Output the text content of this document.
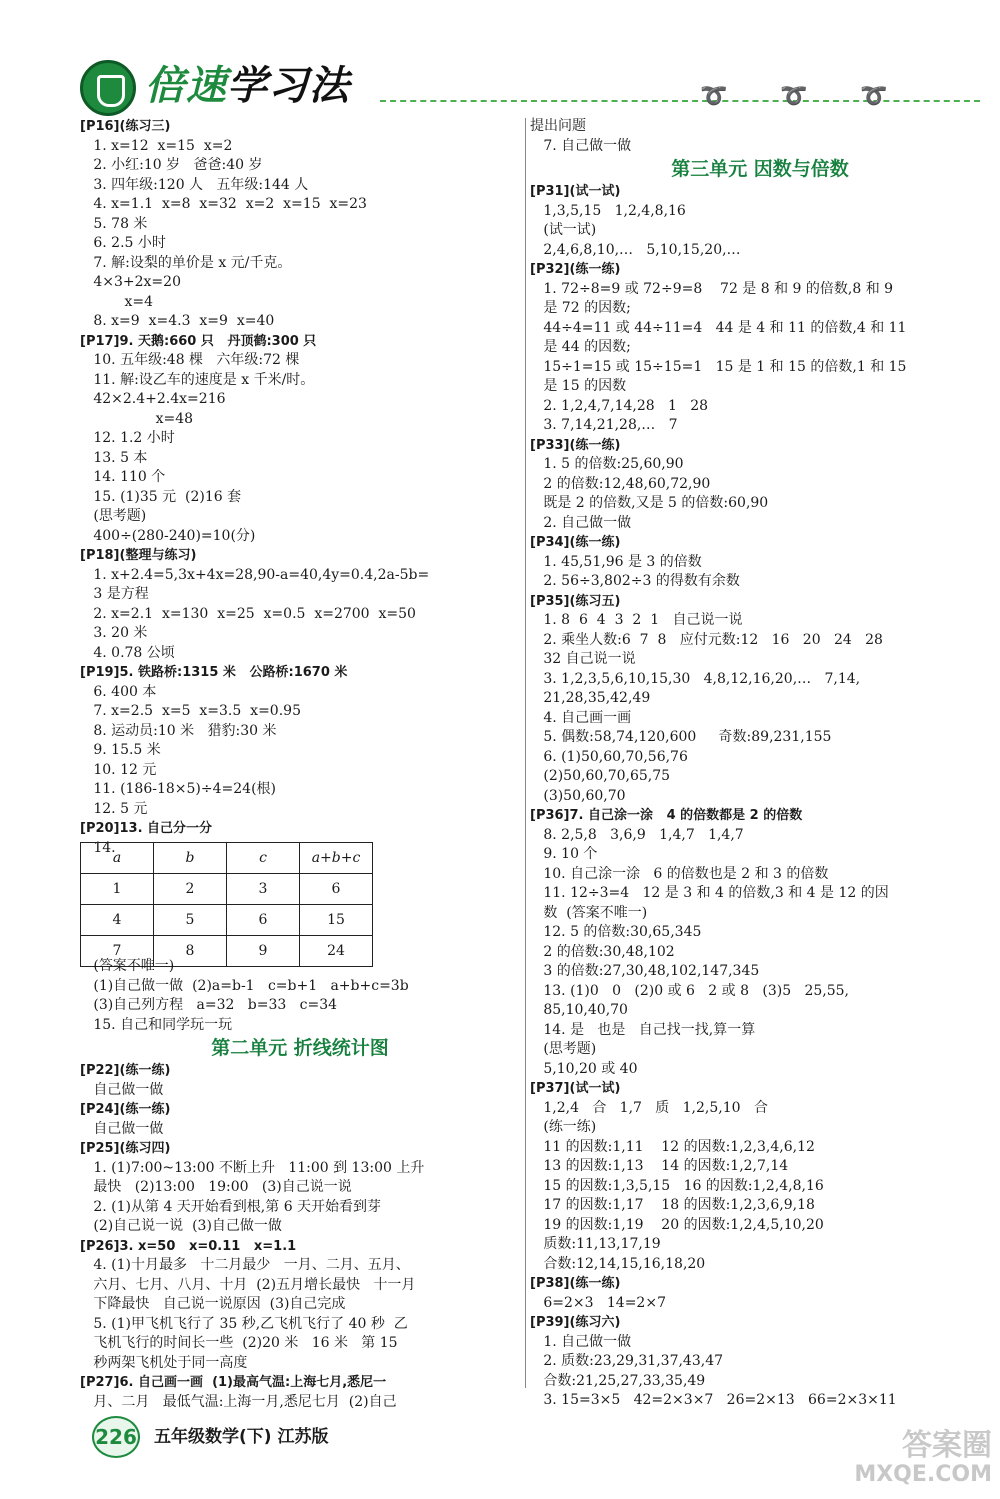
倍速学习法	➰ ➰ ➰
[P16](练习三)
1. x=12  x=15  x=2
2. 小红:10 岁   爸爸:40 岁
3. 四年级:120 人   五年级:144 人
4. x=1.1  x=8  x=32  x=2  x=15  x=23
5. 78 米
6. 2.5 小时
7. 解:设梨的单价是 x 元/千克。
4×3+2x=20
x=4
8. x=9  x=4.3  x=9  x=40
[P17]9. 天鹅:660 只   丹顶鹤:300 只
10. 五年级:48 棵   六年级:72 棵
11. 解:设乙车的速度是 x 千米/时。
42×2.4+2.4x=216
x=48
12. 1.2 小时
13. 5 本
14. 110 个
15. (1)35 元  (2)16 套
(思考题)
400÷(280-240)=10(分)
[P18](整理与练习)
1. x+2.4=5,3x+4x=28,90-a=40,4y=0.4,2a-5b=
3 是方程
2. x=2.1  x=130  x=25  x=0.5  x=2700  x=50
3. 20 米
4. 0.78 公顷
[P19]5. 铁路桥:1315 米   公路桥:1670 米
6. 400 本
7. x=2.5  x=5  x=3.5  x=0.95
8. 运动员:10 米   猎豹:30 米
9. 15.5 米
10. 12 元
11. (186-18×5)÷4=24(根)
12. 5 元
[P20]13. 自己分一分
14.
a	b	c	a+b+c
1	2	3	6
4	5	6	15
7	8	9	24
(答案不唯一)
(1)自己做一做  (2)a=b-1   c=b+1   a+b+c=3b
(3)自己列方程   a=32   b=33   c=34
15. 自己和同学玩一玩
第二单元 折线统计图
[P22](练一练)
自己做一做
[P24](练一练)
自己做一做
[P25](练习四)
1. (1)7:00~13:00 不断上升   11:00 到 13:00 上升
最快   (2)13:00   19:00   (3)自己说一说
2. (1)从第 4 天开始看到根,第 6 天开始看到芽
(2)自己说一说  (3)自己做一做
[P26]3. x=50   x=0.11   x=1.1
4. (1)十月最多   十二月最少   一月、二月、五月、
六月、七月、八月、十月  (2)五月增长最快   十一月
下降最快   自己说一说原因  (3)自己完成
5. (1)甲飞机飞行了 35 秒,乙飞机飞行了 40 秒  乙
飞机飞行的时间长一些  (2)20 米   16 米   第 15
秒两架飞机处于同一高度
[P27]6. 自己画一画  (1)最高气温:上海七月,悉尼一
月、二月   最低气温:上海一月,悉尼七月  (2)自己
提出问题
7. 自己做一做
第三单元 因数与倍数
[P31](试一试)
1,3,5,15   1,2,4,8,16
(试一试)
2,4,6,8,10,…   5,10,15,20,…
[P32](练一练)
1. 72÷8=9 或 72÷9=8    72 是 8 和 9 的倍数,8 和 9
是 72 的因数;
44÷4=11 或 44÷11=4   44 是 4 和 11 的倍数,4 和 11
是 44 的因数;
15÷1=15 或 15÷15=1   15 是 1 和 15 的倍数,1 和 15
是 15 的因数
2. 1,2,4,7,14,28   1   28
3. 7,14,21,28,…   7
[P33](练一练)
1. 5 的倍数:25,60,90
2 的倍数:12,48,60,72,90
既是 2 的倍数,又是 5 的倍数:60,90
2. 自己做一做
[P34](练一练)
1. 45,51,96 是 3 的倍数
2. 56÷3,802÷3 的得数有余数
[P35](练习五)
1. 8  6  4  3  2  1   自己说一说
2. 乘坐人数:6  7  8   应付元数:12   16   20   24   28
32 自己说一说
3. 1,2,3,5,6,10,15,30   4,8,12,16,20,…   7,14,
21,28,35,42,49
4. 自己画一画
5. 偶数:58,74,120,600     奇数:89,231,155
6. (1)50,60,70,56,76
(2)50,60,70,65,75
(3)50,60,70
[P36]7. 自己涂一涂   4 的倍数都是 2 的倍数
8. 2,5,8   3,6,9   1,4,7   1,4,7
9. 10 个
10. 自己涂一涂   6 的倍数也是 2 和 3 的倍数
11. 12÷3=4   12 是 3 和 4 的倍数,3 和 4 是 12 的因
数  (答案不唯一)
12. 5 的倍数:30,65,345
2 的倍数:30,48,102
3 的倍数:27,30,48,102,147,345
13. (1)0   0   (2)0 或 6   2 或 8   (3)5   25,55,
85,10,40,70
14. 是   也是   自己找一找,算一算
(思考题)
5,10,20 或 40
[P37](试一试)
1,2,4   合   1,7   质   1,2,5,10   合
(练一练)
11 的因数:1,11    12 的因数:1,2,3,4,6,12
13 的因数:1,13    14 的因数:1,2,7,14
15 的因数:1,3,5,15   16 的因数:1,2,4,8,16
17 的因数:1,17    18 的因数:1,2,3,6,9,18
19 的因数:1,19    20 的因数:1,2,4,5,10,20
质数:11,13,17,19
合数:12,14,15,16,18,20
[P38](练一练)
6=2×3   14=2×7
[P39](练习六)
1. 自己做一做
2. 质数:23,29,31,37,43,47
合数:21,25,27,33,35,49
3. 15=3×5   42=2×3×7   26=2×13   66=2×3×11
226 五年级数学(下) 江苏版	答案圈
MXQE.COM
